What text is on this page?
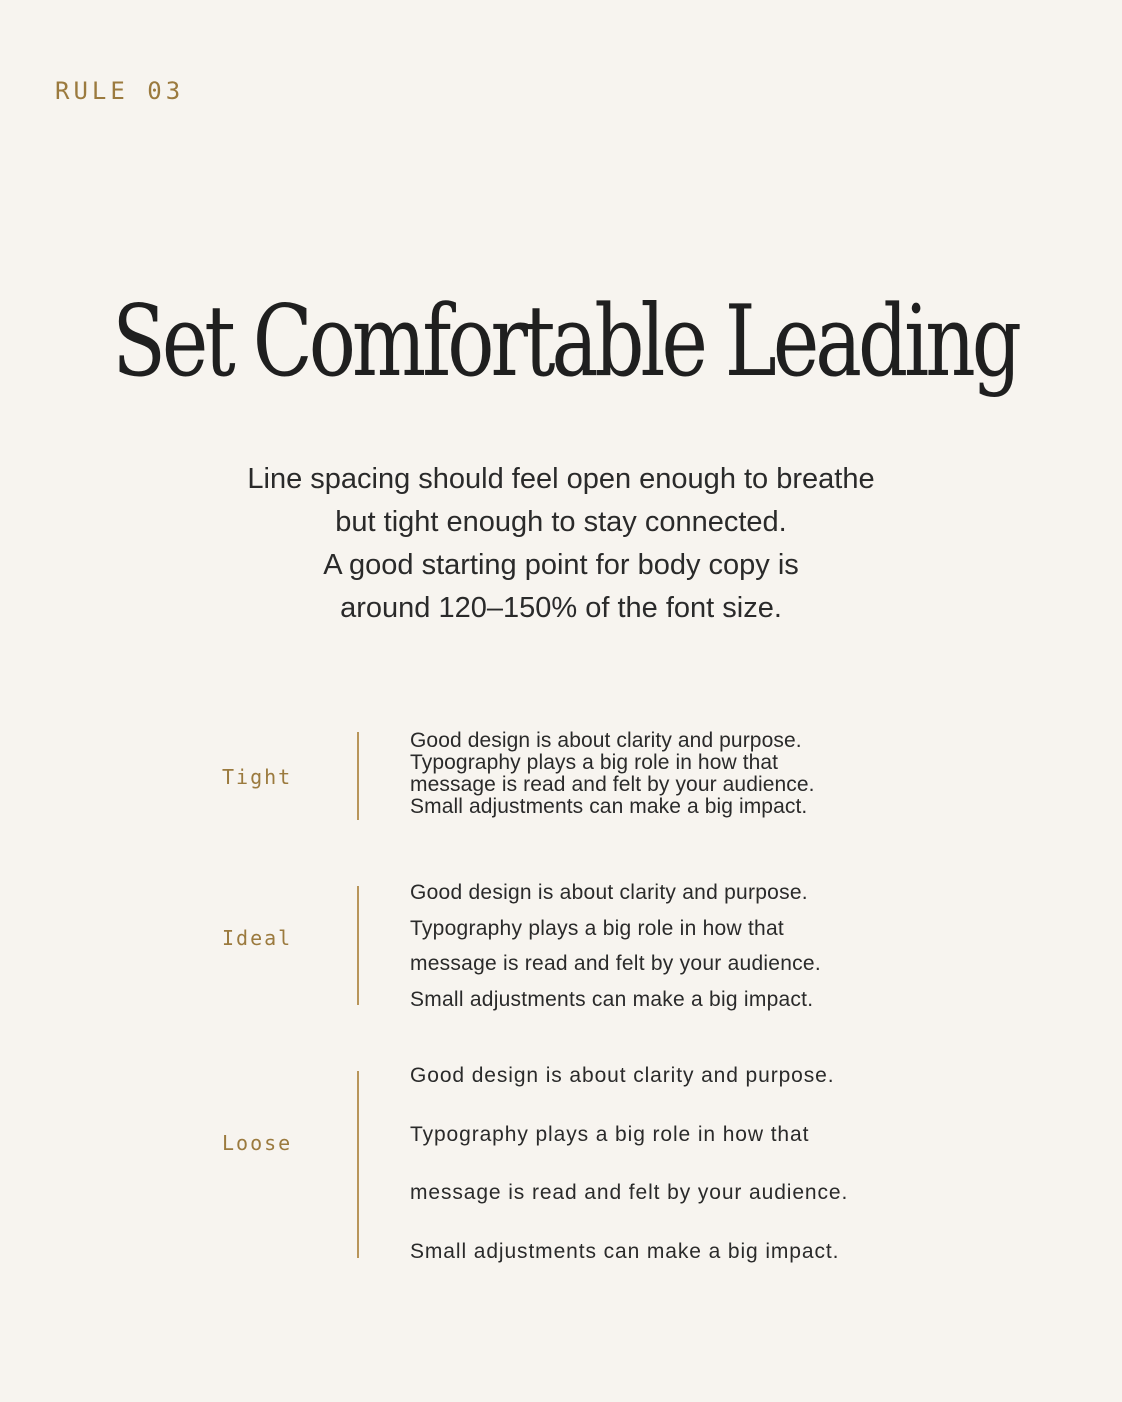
RULE 03
Set Comfortable Leading

Line spacing should feel open enough to breathe
but tight enough to stay connected.
A good starting point for body copy is
around 120–150% of the font size.

Tight

Good design is about clarity and purpose.
Typography plays a big role in how that
message is read and felt by your audience.
Small adjustments can make a big impact.

Ideal

Good design is about clarity and purpose.
Typography plays a big role in how that
message is read and felt by your audience.
Small adjustments can make a big impact.

Loose

Good design is about clarity and purpose.
Typography plays a big role in how that
message is read and felt by your audience.
Small adjustments can make a big impact.
